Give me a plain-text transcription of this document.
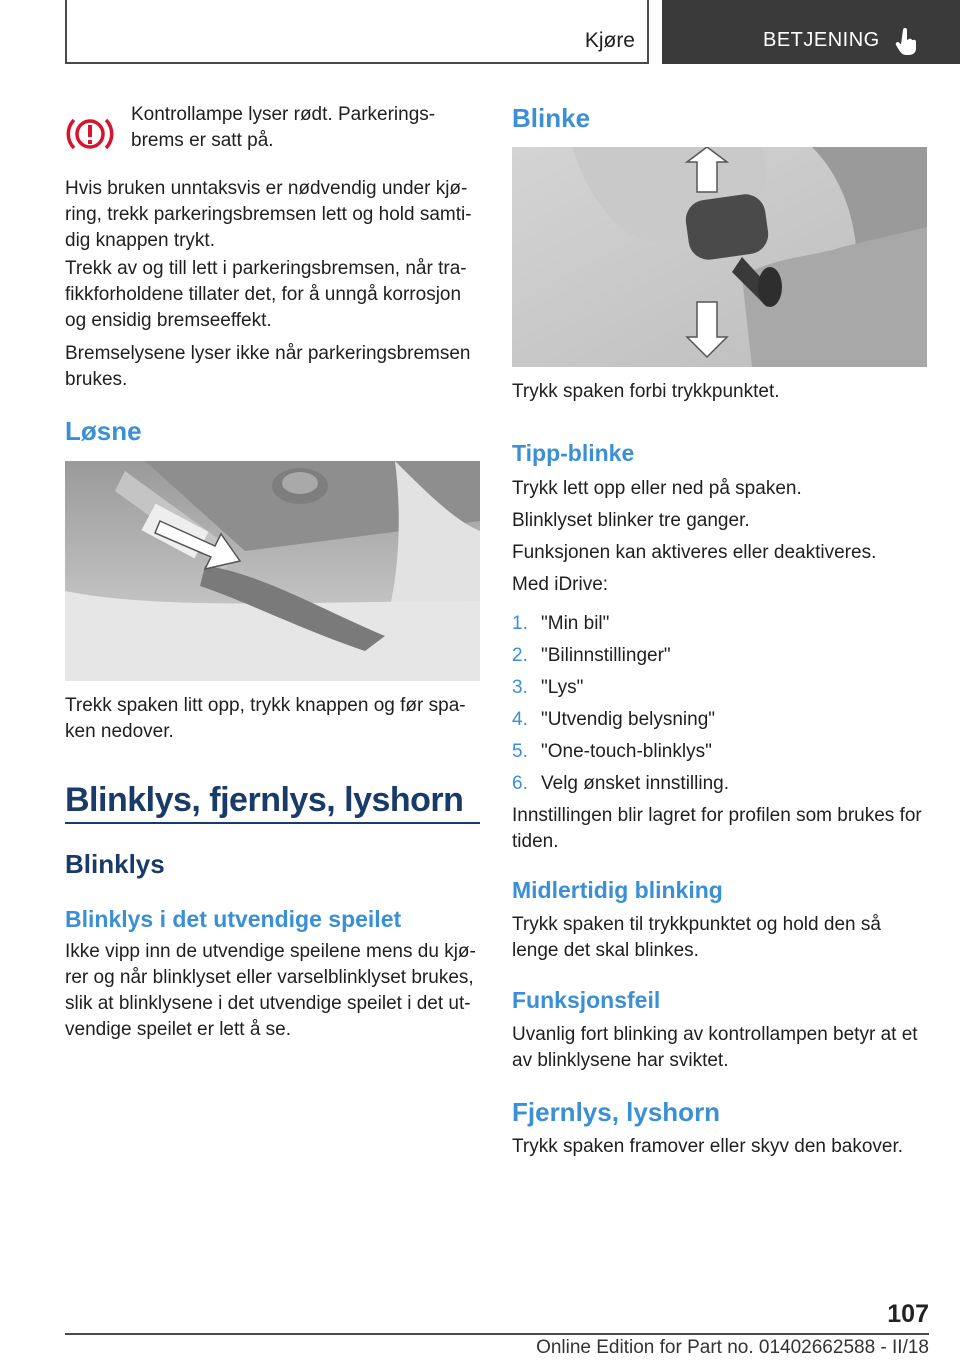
Kjøre	BETJENING
Kontrollampe lyser rødt. Parkerings-
brems er satt på.
Hvis bruken unntaksvis er nødvendig under kjø-
ring, trekk parkeringsbremsen lett og hold samti-
dig knappen trykt.
Trekk av og till lett i parkeringsbremsen, når tra-
fikkforholdene tillater det, for å unngå korrosjon
og ensidig bremseeffekt.
Bremselysene lyser ikke når parkeringsbremsen
brukes.
Løsne
Trekk spaken litt opp, trykk knappen og før spa-
ken nedover.
Blinklys, fjernlys, lyshorn
Blinklys
Blinklys i det utvendige speilet
Ikke vipp inn de utvendige speilene mens du kjø-
rer og når blinklyset eller varselblinklyset brukes,
slik at blinklysene i det utvendige speilet i det ut-
vendige speilet er lett å se.
Blinke
Trykk spaken forbi trykkpunktet.
Tipp-blinke
Trykk lett opp eller ned på spaken.
Blinklyset blinker tre ganger.
Funksjonen kan aktiveres eller deaktiveres.
Med iDrive:
1. "Min bil"
2. "Bilinnstillinger"
3. "Lys"
4. "Utvendig belysning"
5. "One-touch-blinklys"
6. Velg ønsket innstilling.
Innstillingen blir lagret for profilen som brukes for
tiden.
Midlertidig blinking
Trykk spaken til trykkpunktet og hold den så
lenge det skal blinkes.
Funksjonsfeil
Uvanlig fort blinking av kontrollampen betyr at et
av blinklysene har sviktet.
Fjernlys, lyshorn
Trykk spaken framover eller skyv den bakover.
107
Online Edition for Part no. 01402662588 - II/18
